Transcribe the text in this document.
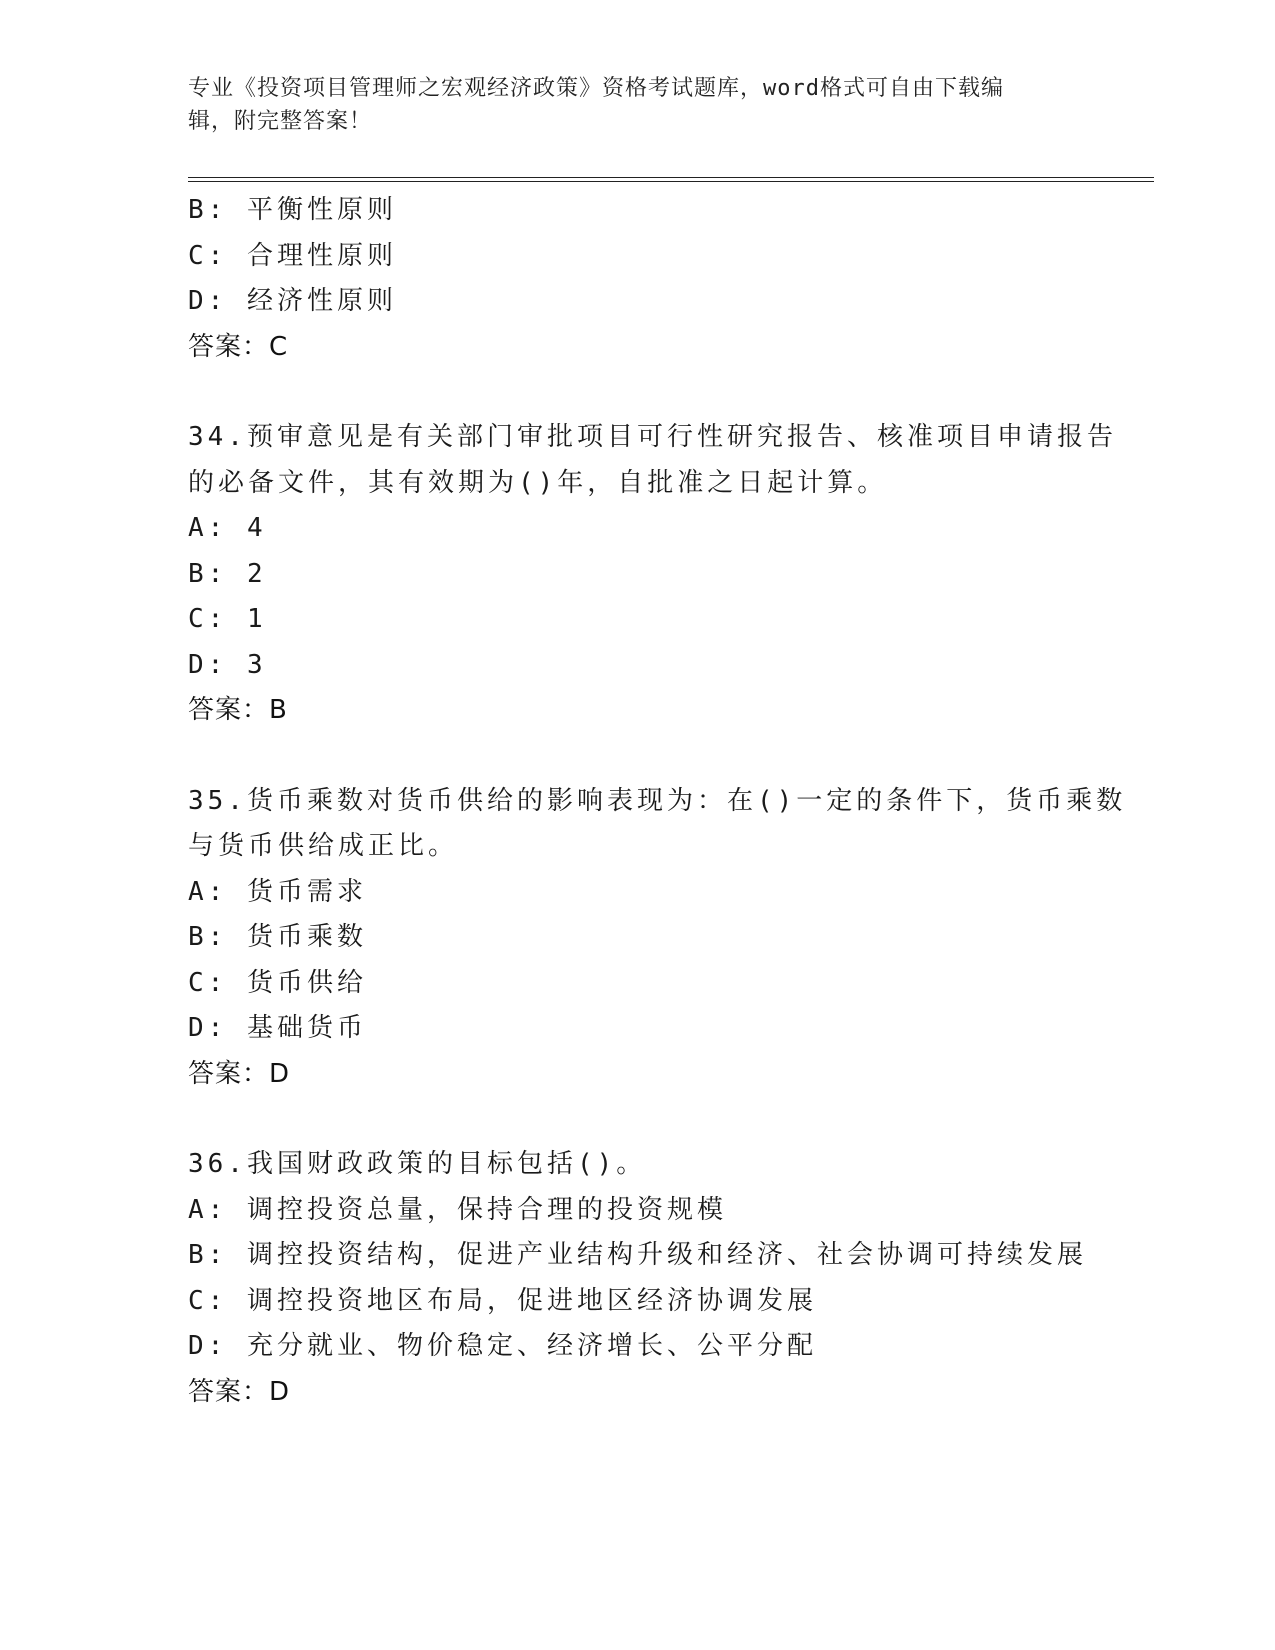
专业《投资项目管理师之宏观经济政策》资格考试题库，word格式可自由下载编
辑，附完整答案！
B: 平衡性原则
C: 合理性原则
D: 经济性原则
答案：C
34.预审意见是有关部门审批项目可行性研究报告、核准项目申请报告
的必备文件，其有效期为()年，自批准之日起计算。
A: 4
B: 2
C: 1
D: 3
答案：B
35.货币乘数对货币供给的影响表现为：在()一定的条件下，货币乘数
与货币供给成正比。
A: 货币需求
B: 货币乘数
C: 货币供给
D: 基础货币
答案：D
36.我国财政政策的目标包括()。
A: 调控投资总量，保持合理的投资规模
B: 调控投资结构，促进产业结构升级和经济、社会协调可持续发展
C: 调控投资地区布局，促进地区经济协调发展
D: 充分就业、物价稳定、经济增长、公平分配
答案：D
